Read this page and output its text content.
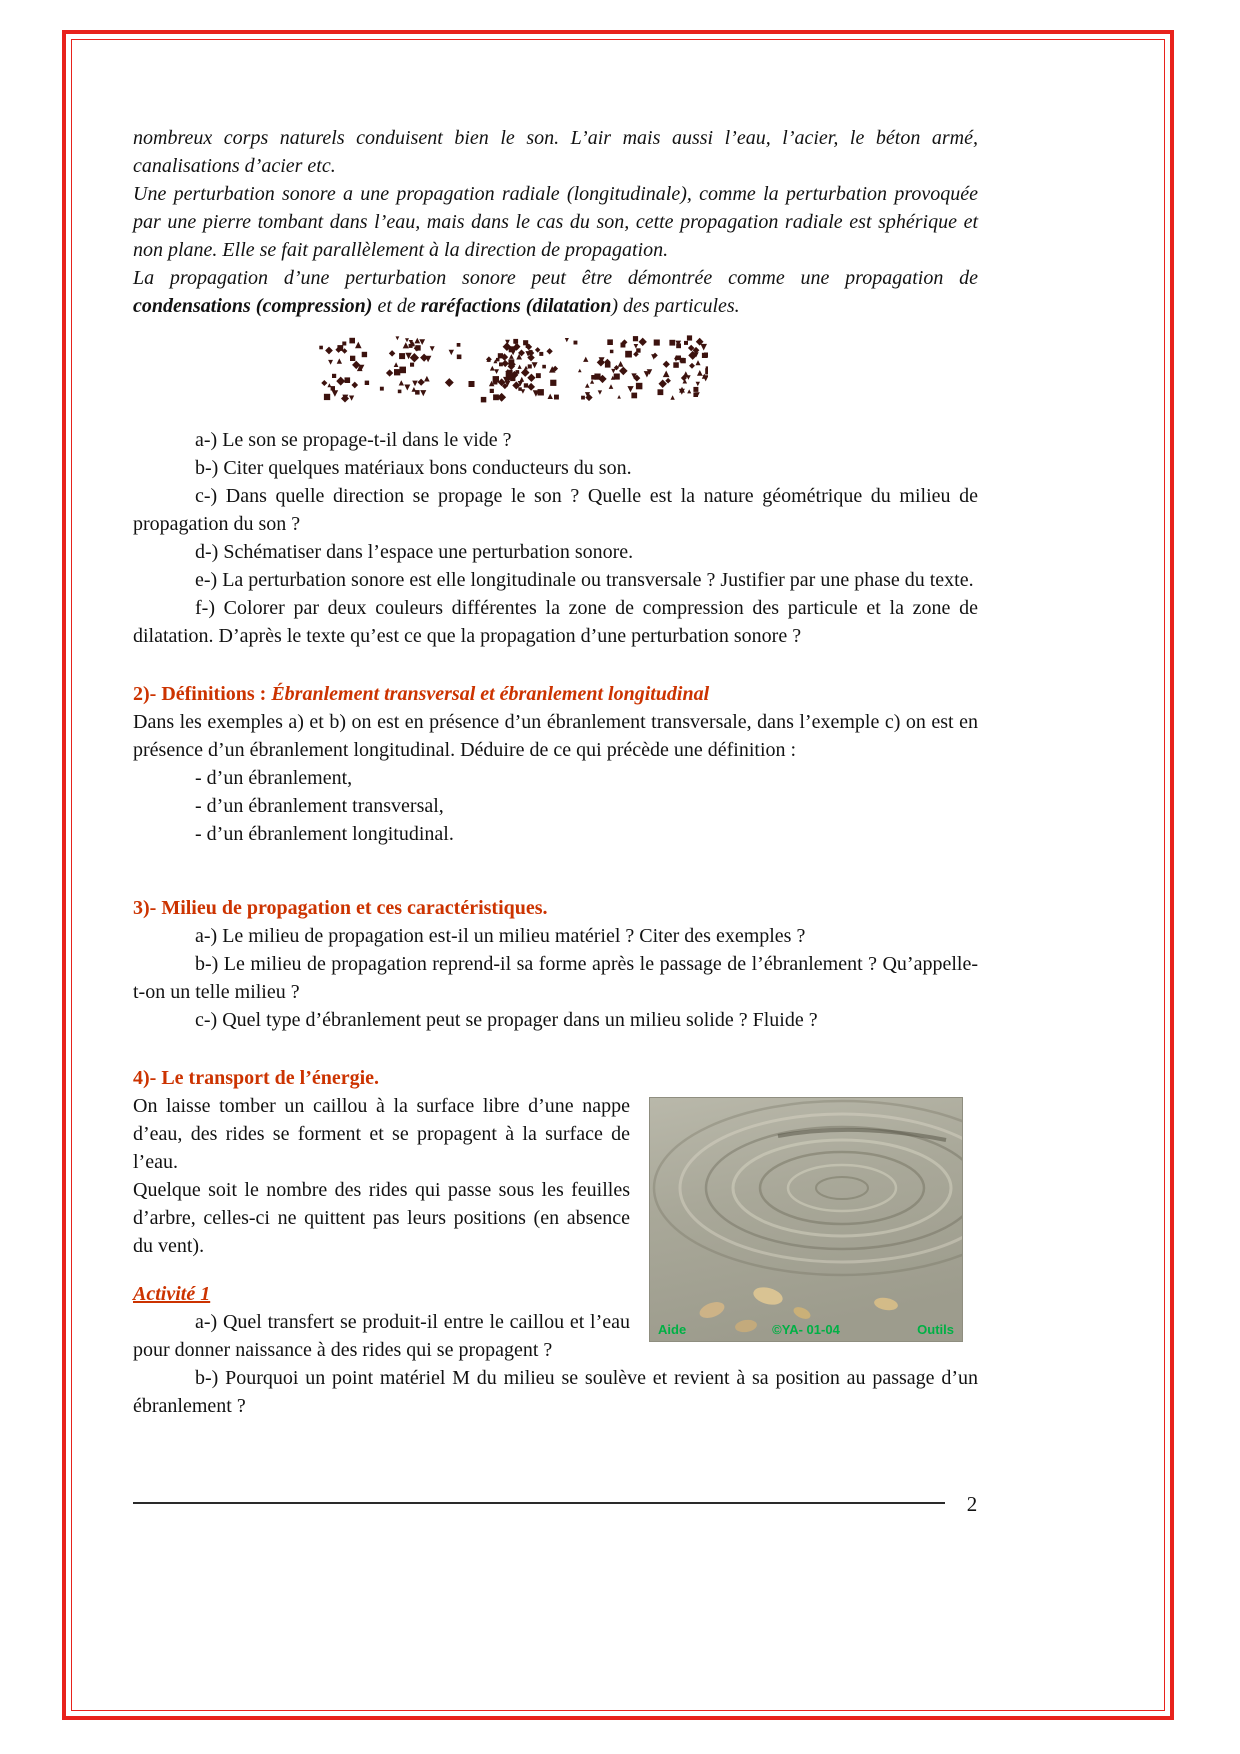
nombreux corps naturels conduisent bien le son. L’air mais aussi l’eau, l’acier, le béton armé, canalisations d’acier etc.

Une perturbation sonore a une propagation radiale (longitudinale), comme la perturbation provoquée par une pierre tombant dans l’eau, mais dans le cas du son, cette propagation radiale est sphérique et non plane. Elle se fait parallèlement à la direction de propagation.

La propagation d’une perturbation sonore peut être démontrée comme une propagation de condensations (compression) et de raréfactions (dilatation) des particules.

a-) Le son se propage-t-il dans le vide ?

b-) Citer quelques matériaux bons conducteurs du son.

c-) Dans quelle direction se propage le son ? Quelle est la nature géométrique du milieu de propagation du son ?

d-) Schématiser dans l’espace une perturbation sonore.

e-) La perturbation sonore est elle longitudinale ou transversale ? Justifier par une phase du texte.

f-) Colorer par deux couleurs différentes la zone de compression des particule et la zone de dilatation. D’après le texte qu’est ce que la propagation d’une perturbation sonore ?

2)- Définitions : Ébranlement transversal et ébranlement longitudinal

Dans les exemples a) et b) on est en présence d’un ébranlement transversale, dans l’exemple c) on est en présence d’un ébranlement longitudinal. Déduire de ce qui précède une définition :

- d’un ébranlement,

- d’un ébranlement transversal,

- d’un ébranlement longitudinal.

3)- Milieu de propagation et ces caractéristiques.

a-) Le milieu de propagation est-il un milieu matériel ? Citer des exemples ?

b-) Le milieu de propagation reprend-il sa forme après le passage de l’ébranlement ? Qu’appelle-t-on un telle milieu ?

c-) Quel type d’ébranlement peut se propager dans un milieu solide ? Fluide ?

4)- Le transport de l’énergie.
Aide	©YA- 01-04	Outils

On laisse tomber un caillou à la surface libre d’une nappe d’eau, des rides se forment et se propagent à la surface de l’eau.

Quelque soit le nombre des rides qui passe sous les feuilles d’arbre, celles-ci ne quittent pas leurs positions (en absence du vent).

Activité 1

a-) Quel transfert se produit-il entre le caillou et l’eau pour donner naissance à des rides qui se propagent ?

b-) Pourquoi un point matériel M du milieu se soulève et revient à sa position au passage d’un ébranlement ?

2
